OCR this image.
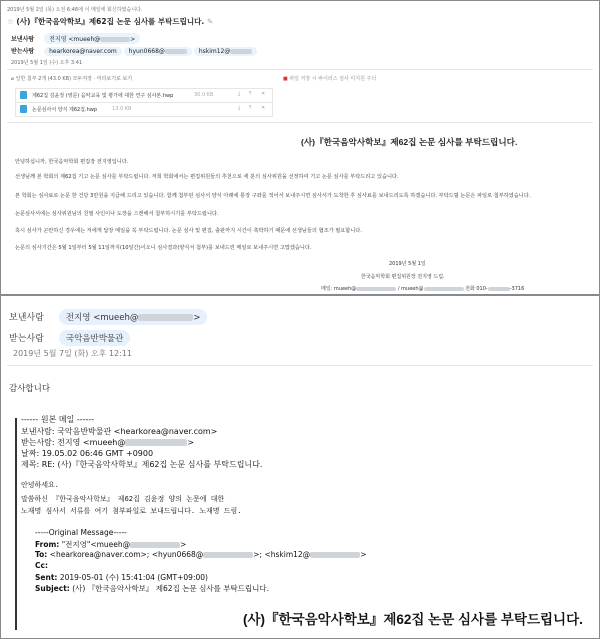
2019년 5월 2일 (목) 오전 6:46에 이 메일에 회신하였습니다.
☆ (사)『한국음악학보』제62집 논문 심사를 부탁드립니다. ✎
보낸사람 전지영 <mueeh@	>
받는사람 hearkorea@naver.com hyun0668@	hskim12@
2019년 5월 1일 (수) 오후 3:41
⌀ 일반 첨부 2개 (43.0 KB) 모두저장 · 미리보기로 보기	■ 파일 저장 시 바이러스 검사 미지원 주의
제62집 김윤정 (영문) 음악교육 및 평가에 대한 연구 심사본.hwp	30.0 KB	⤓ ⤒ ✕
논문심사서 양식 제62집.hwp	13.0 KB	⤓ ⤒ ✕
(사)『한국음악사학보』제62집 논문 심사를 부탁드립니다.
안녕하십니까, 한국음악학회 편집장 전지영입니다.
선생님께 본 학회의 제62집 기고 논문 심사를 부탁드립니다. 저희 학회에서는 편집위원들의 추천으로 세 분의 심사위원을 선정하여 기고 논문 심사를 부탁드리고 있습니다.
본 학회는 심사료로 논문 한 건당 3만원을 지급해 드리고 있습니다. 함께 첨부된 심사서 양식 아래에 통장 구좌를 적어서 보내주시면 심사서가 도착한 후 심사료를 보내드리도록 하겠습니다. 부탁드릴 논문은 파일로 첨부하였습니다.
논문심사서에는 심사위원님의 친필 사인이나 도장을 스캔해서 첨부하시기를 부탁드립니다.
혹시 심사가 곤란하신 경우에는 저에게 답장 메일을 꼭 부탁드립니다. 논문 심사 및 편집, 출판까지 시간이 촉박하기 때문에 선생님들의 협조가 필요합니다.
논문의 심사기간은 5월 1일부터 5월 11일까지(10일간)이오니 심사결과(양식서 첨부)를 보내드린 메일로 보내주시면 고맙겠습니다.
2019년 5월 1일
한국음악학회 편집위원장 전지영 드림.
메일: mueeh@	/ mueeh@	전화 010-	-3716
보낸사람	전지영 <mueeh@	>
받는사람	국악음반박물관
2019년 5월 7일 (화) 오후 12:11
감사합니다
------ 원본 메일 ------
보낸사람: 국악음반박물관 <hearkorea@naver.com>
받는사람: 전지영 <mueeh@	>
날짜: 19.05.02 06:46 GMT +0900
제목: RE: (사)『한국음악사학보』제62집 논문 심사를 부탁드립니다.
안녕하세요.
말씀하신 『한국음악사학보』 제62집 김윤정 양의 논문에 대한
노재명 심사서 서류를 여기 첨부파일로 보내드립니다. 노재명 드림.
-----Original Message-----
From: "전지영"<mueeh@	>
To: <hearkorea@naver.com>; <hyun0668@	>; <hskim12@	>
Cc:
Sent: 2019-05-01 (수) 15:41:04 (GMT+09:00)
Subject: (사) 『한국음악사학보』 제62집 논문 심사를 부탁드립니다.
(사)『한국음악사학보』제62집 논문 심사를 부탁드립니다.
